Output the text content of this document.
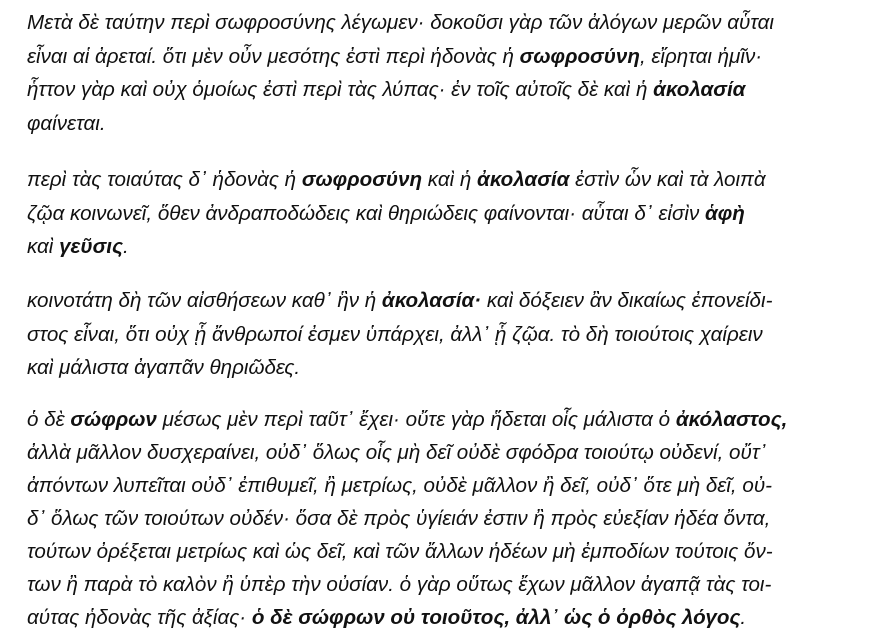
Μετὰ δὲ ταύτην περὶ σωφροσύνης λέγωμεν· δοκοῦσι γὰρ τῶν ἀλόγων μερῶν αὗται
εἶναι αἱ ἀρεταί. ὅτι μὲν οὖν μεσότης ἐστὶ περὶ ἡδονὰς ἡ σωφροσύνη, εἴρηται ἡμῖν·
ἧττον γὰρ καὶ οὐχ ὁμοίως ἐστὶ περὶ τὰς λύπας· ἐν τοῖς αὐτοῖς δὲ καὶ ἡ ἀκολασία
φαίνεται.
περὶ τὰς τοιαύτας δ᾽ ἡδονὰς ἡ σωφροσύνη καὶ ἡ ἀκολασία ἐστὶν ὧν καὶ τὰ λοιπὰ
ζῷα κοινωνεῖ, ὅθεν ἀνδραποδώδεις καὶ θηριώδεις φαίνονται· αὗται δ᾽ εἰσὶν ἁφὴ
καὶ γεῦσις.
κοινοτάτη δὴ τῶν αἰσθήσεων καθ᾽ ἣν ἡ ἀκολασία· καὶ δόξειεν ἂν δικαίως ἐπονείδι-
στος εἶναι, ὅτι οὐχ ᾗ ἄνθρωποί ἐσμεν ὑπάρχει, ἀλλ᾽ ᾗ ζῷα. τὸ δὴ τοιούτοις χαίρειν
καὶ μάλιστα ἀγαπᾶν θηριῶδες.
ὁ δὲ σώφρων μέσως μὲν περὶ ταῦτ᾽ ἔχει· οὔτε γὰρ ἥδεται οἷς μάλιστα ὁ ἀκόλαστος,
ἀλλὰ μᾶλλον δυσχεραίνει, οὐδ᾽ ὅλως οἷς μὴ δεῖ οὐδὲ σφόδρα τοιούτῳ οὐδενί, οὔτ᾽
ἀπόντων λυπεῖται οὐδ᾽ ἐπιθυμεῖ, ἢ μετρίως, οὐδὲ μᾶλλον ἢ δεῖ, οὐδ᾽ ὅτε μὴ δεῖ, οὐ-
δ᾽ ὅλως τῶν τοιούτων οὐδέν· ὅσα δὲ πρὸς ὑγίειάν ἐστιν ἢ πρὸς εὐεξίαν ἡδέα ὄντα,
τούτων ὀρέξεται μετρίως καὶ ὡς δεῖ, καὶ τῶν ἄλλων ἡδέων μὴ ἐμποδίων τούτοις ὄν-
των ἢ παρὰ τὸ καλὸν ἢ ὑπὲρ τὴν οὐσίαν. ὁ γὰρ οὕτως ἔχων μᾶλλον ἀγαπᾷ τὰς τοι-
αύτας ἡδονὰς τῆς ἀξίας· ὁ δὲ σώφρων οὐ τοιοῦτος, ἀλλ᾽ ὡς ὁ ὀρθὸς λόγος.
